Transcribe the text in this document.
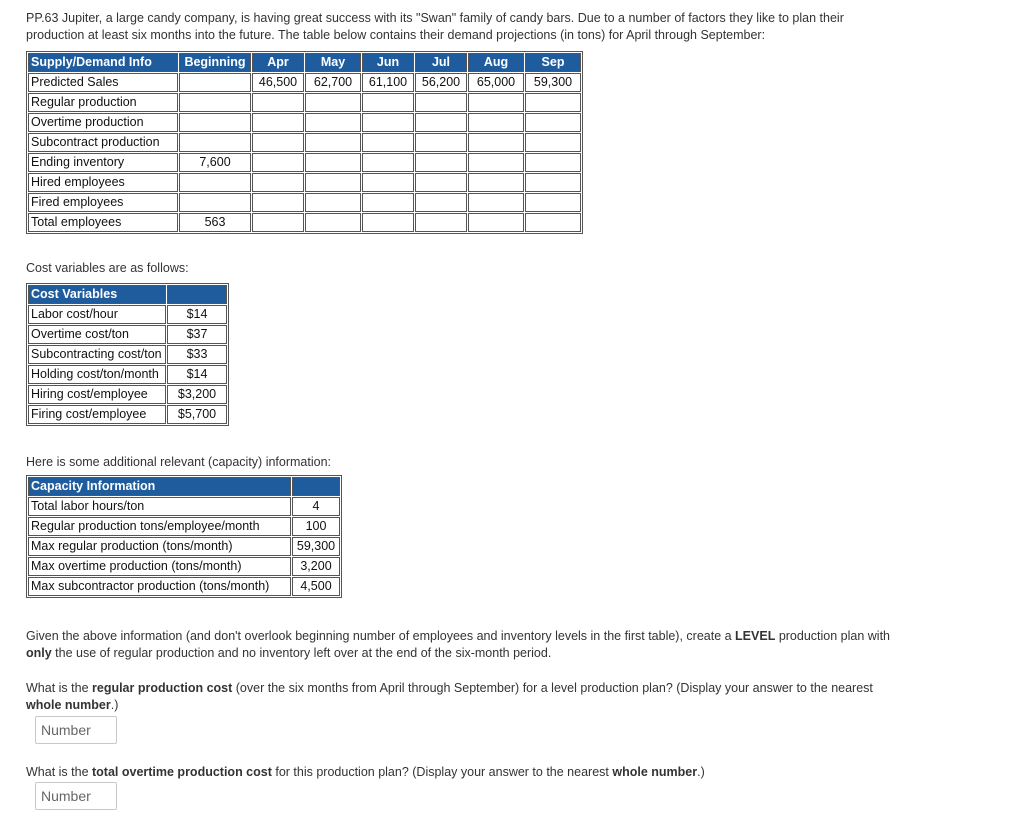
PP.63 Jupiter, a large candy company, is having great success with its "Swan" family of candy bars. Due to a number of factors they like to plan their
production at least six months into the future. The table below contains their demand projections (in tons) for April through September:
Supply/Demand Info	Beginning	Apr	May	Jun	Jul	Aug	Sep
Predicted Sales		46,500	62,700	61,100	56,200	65,000	59,300
Regular production							
Overtime production							
Subcontract production							
Ending inventory	7,600						
Hired employees							
Fired employees							
Total employees	563						
Cost variables are as follows:
Cost Variables	
Labor cost/hour	$14
Overtime cost/ton	$37
Subcontracting cost/ton	$33
Holding cost/ton/month	$14
Hiring cost/employee	$3,200
Firing cost/employee	$5,700
Here is some additional relevant (capacity) information:
Capacity Information	
Total labor hours/ton	4
Regular production tons/employee/month	100
Max regular production (tons/month)	59,300
Max overtime production (tons/month)	3,200
Max subcontractor production (tons/month)	4,500
Given the above information (and don't overlook beginning number of employees and inventory levels in the first table), create a LEVEL production plan with
only the use of regular production and no inventory left over at the end of the six-month period.
What is the regular production cost (over the six months from April through September) for a level production plan? (Display your answer to the nearest
whole number.)
Number
What is the total overtime production cost for this production plan? (Display your answer to the nearest whole number.)
Number
